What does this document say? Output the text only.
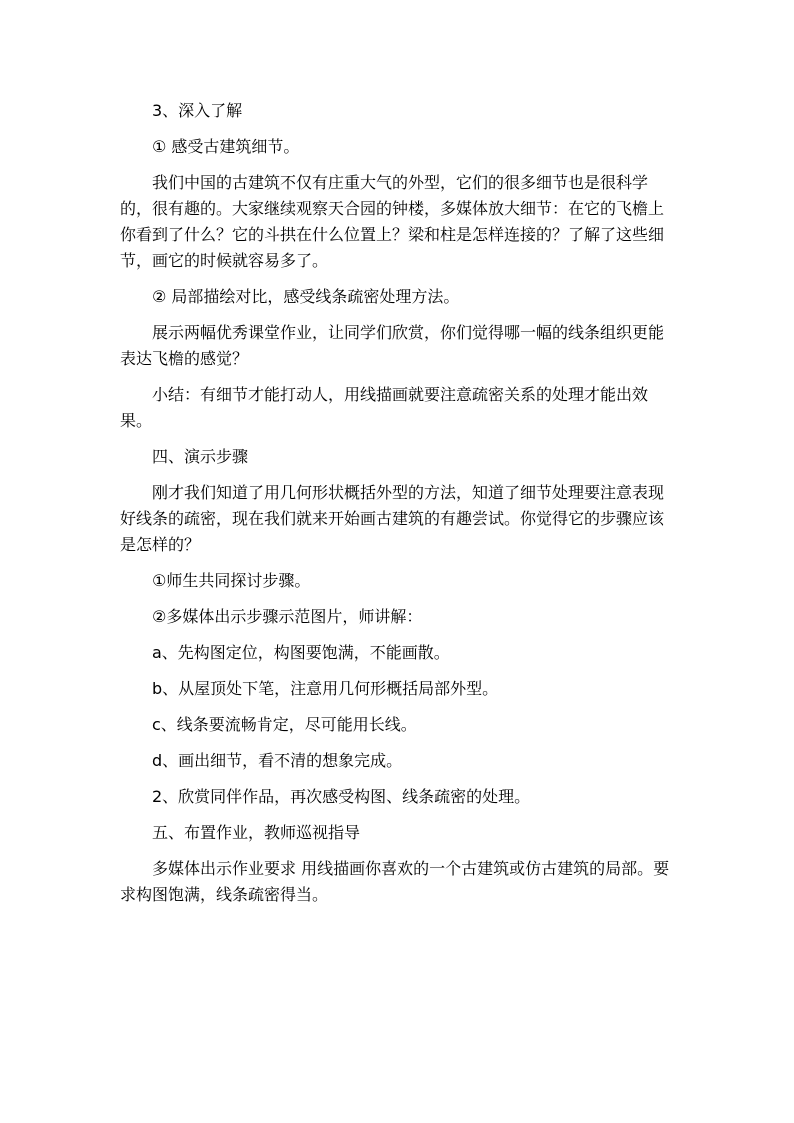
3、深入了解

① 感受古建筑细节。

我们中国的古建筑不仅有庄重大气的外型，它们的很多细节也是很科学的，很有趣的。大家继续观察天合园的钟楼，多媒体放大细节：在它的飞檐上你看到了什么？它的斗拱在什么位置上？梁和柱是怎样连接的？了解了这些细节，画它的时候就容易多了。

② 局部描绘对比，感受线条疏密处理方法。

展示两幅优秀课堂作业，让同学们欣赏，你们觉得哪一幅的线条组织更能表达飞檐的感觉？

小结：有细节才能打动人，用线描画就要注意疏密关系的处理才能出效果。

四、演示步骤

刚才我们知道了用几何形状概括外型的方法，知道了细节处理要注意表现好线条的疏密，现在我们就来开始画古建筑的有趣尝试。你觉得它的步骤应该是怎样的？

①师生共同探讨步骤。

②多媒体出示步骤示范图片，师讲解：

a、先构图定位，构图要饱满，不能画散。

b、从屋顶处下笔，注意用几何形概括局部外型。

c、线条要流畅肯定，尽可能用长线。

d、画出细节，看不清的想象完成。

2、欣赏同伴作品，再次感受构图、线条疏密的处理。

五、布置作业，教师巡视指导

多媒体出示作业要求 用线描画你喜欢的一个古建筑或仿古建筑的局部。要求构图饱满，线条疏密得当。
